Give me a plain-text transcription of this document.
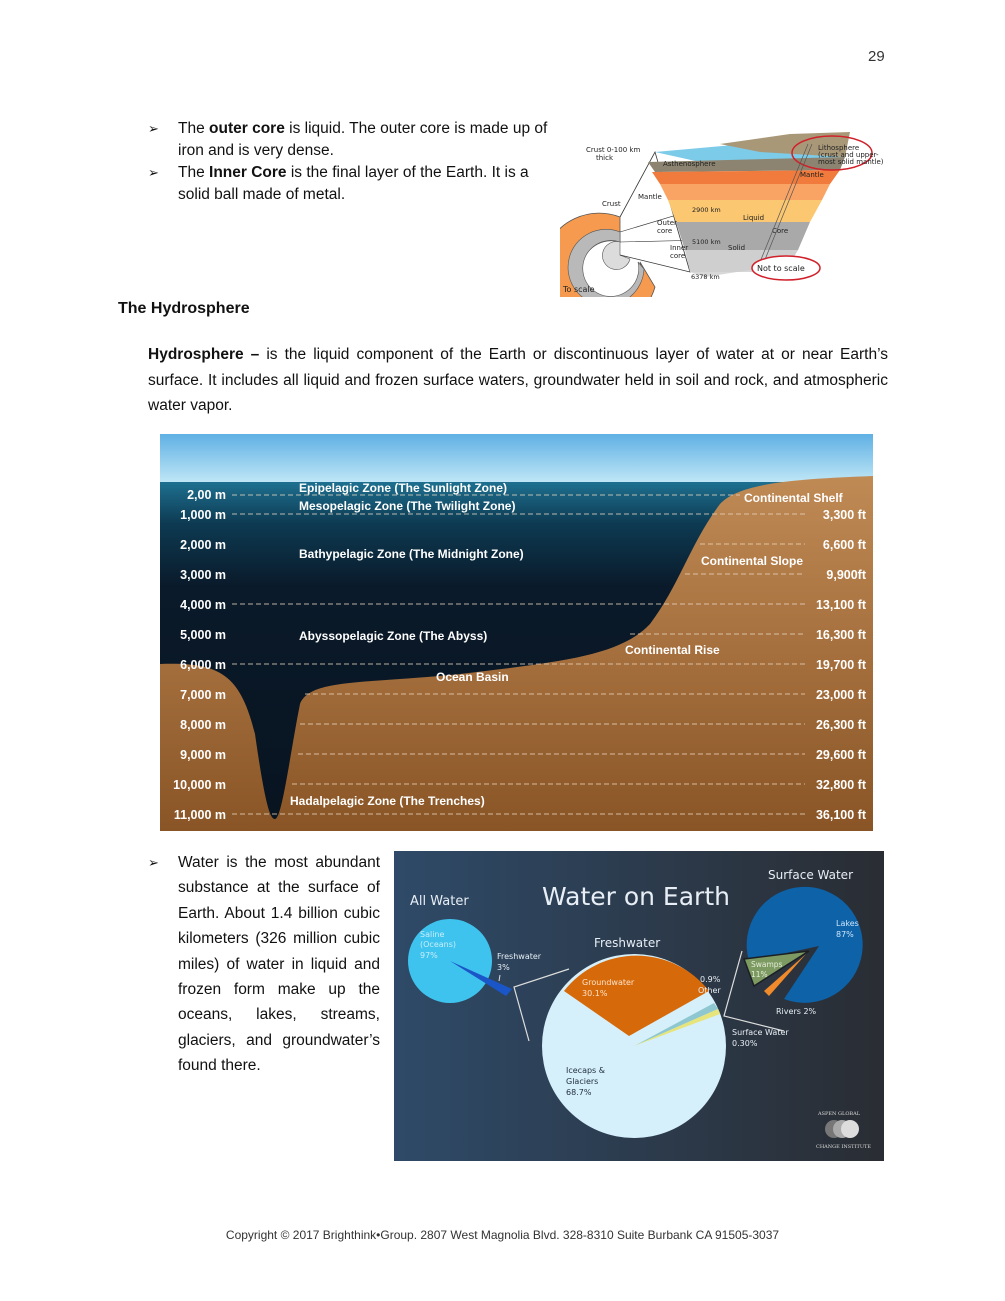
29
➢ The outer core is liquid. The outer core is made up of iron and is very dense.
➢ The Inner Core is the final layer of the Earth. It is a solid ball made of metal.
Crust 0-100 km
thick
Asthenosphere
Mantle
Crust
2900 km
Outer
core
Liquid
5100 km
Inner
core
Solid
6378 km
Lithosphere
(crust and upper-
most solid mantle)
Mantle
Core
Not to scale
To scale
The Hydrosphere
Hydrosphere – is the liquid component of the Earth or discontinuous layer of water at or near Earth’s surface. It includes all liquid and frozen surface waters, groundwater held in soil and rock, and atmospheric water vapor.
2,00 m
1,000 m
2,000 m
3,000 m
4,000 m
5,000 m
6,000 m
7,000 m
8,000 m
9,000 m
10,000 m
11,000 m
3,300 ft
6,600 ft
9,900ft
13,100 ft
16,300 ft
19,700 ft
23,000 ft
26,300 ft
29,600 ft
32,800 ft
36,100 ft
Epipelagic Zone (The Sunlight Zone)
Mesopelagic Zone (The Twilight Zone)
Bathypelagic Zone (The Midnight Zone)
Abyssopelagic Zone (The Abyss)
Hadalpelagic Zone (The Trenches)
Continental Shelf
Continental Slope
Continental Rise
Ocean Basin
➢ Water is the most abundant substance at the surface of Earth. About 1.4 billion cubic kilometers (326 million cubic miles) of water in liquid and frozen form make up the oceans, lakes, streams, glaciers, and groundwater’s found there.
Water on Earth
All Water
Saline
(Oceans)
97%	Freshwater
3%
Freshwater
Groundwater
30.1%
0.9%
Other
Icecaps &
Glaciers
68.7%
Surface Water
0.30%
Surface Water
Lakes
87%
Swamps
11%
Rivers 2%
ASPEN GLOBAL
CHANGE INSTITUTE
Copyright © 2017 Brighthink•Group. 2807 West Magnolia Blvd. 328-8310 Suite Burbank CA 91505-3037
